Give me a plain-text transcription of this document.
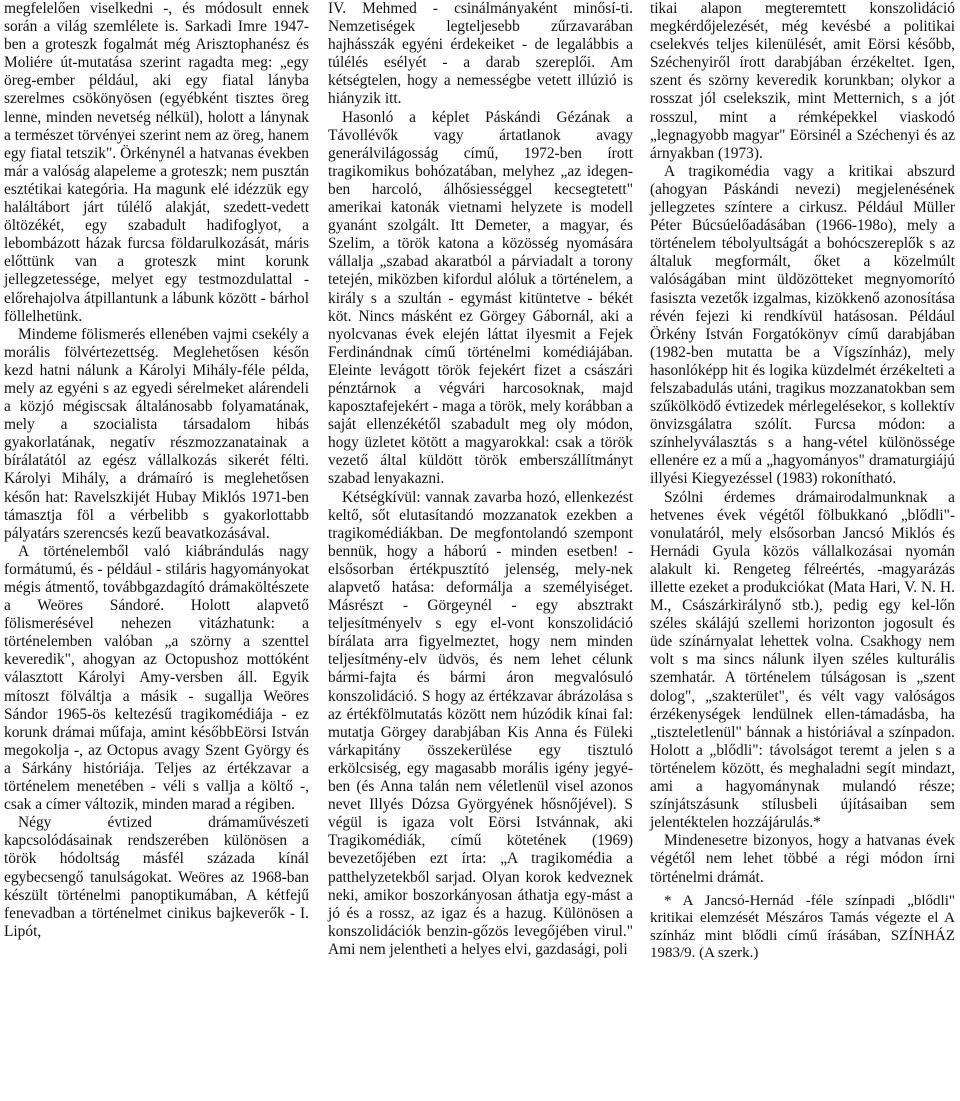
megfelelően viselkedni -, és módosult ennek során a világ szemlélete is. Sarkadi Imre 1947-ben a groteszk fogalmát még Arisztophanész és Moliére út-mutatása szerint ragadta meg: „egy öreg-ember például, aki egy fiatal lányba szerelmes csökönyösen (egyébként tisztes öreg lenne, minden nevetség nélkül), holott a lánynak a természet törvényei szerint nem az öreg, hanem egy fiatal tetszik". Örkénynél a hatvanas években már a valóság alapeleme a groteszk; nem pusztán esztétikai kategória. Ha magunk elé idézzük egy haláltábort járt túlélő alakját, szedett-vedett öltözékét, egy szabadult hadifoglyot, a lebombázott házak furcsa földarulkozását, máris előttünk van a groteszk mint korunk jellegzetessége, melyet egy testmozdulattal - előrehajolva átpillantunk a lábunk között - bárhol föllelhetünk.

Mindeme fölismerés ellenében vajmi csekély a morális fölvértezettség. Meglehetősen későn kezd hatni nálunk a Károlyi Mihály-féle példa, mely az egyéni s az egyedi sérelmeket alárendeli a közjó mégiscsak általánosabb folyamatának, mely a szocialista társadalom hibás gyakorlatának, negatív részmozzanatainak a bírálatától az egész vállalkozás sikerét félti. Károlyi Mihály, a drámaíró is meglehetősen későn hat: Ravelszkijét Hubay Miklós 1971-ben támasztja föl a vérbelibb s gyakorlottabb pályatárs szerencsés kezű beavatkozásával.

A történelemből való kiábrándulás nagy formátumú, és - például - stiláris hagyományokat mégis átmentő, továbbgazdagító drámaköltészete a Weöres Sándoré. Holott alapvető fölismerésével nehezen vitázhatunk: a történelemben valóban „a szörny a szenttel keveredik", ahogyan az Octopushoz mottóként választott Károlyi Amy-versben áll. Egyik mítoszt fölváltja a másik - sugallja Weöres Sándor 1965-ös keltezésű tragikomédiája - ez korunk drámai műfaja, amint későbbEörsi István megokolja -, az Octopus avagy Szent György és a Sárkány históriája. Teljes az értékzavar a történelem menetében - véli s vallja a költő -, csak a címer változik, minden marad a régiben.

Négy évtized drámaművészeti kapcsolódásainak rendszerében különösen a török hódoltság másfél százada kínál egybecsengő tanulságokat. Weöres az 1968-ban készült történelmi panoptikumában, A kétfejű fenevadban a történelmet cinikus bajkeverők - I. Lipót,

IV. Mehmed - csinálmányaként minősí-ti. Nemzetiségek legteljesebb zűrzavarában hajhásszák egyéni érdekeiket - de legalábbis a túlélés esélyét - a darab szereplői. Am kétségtelen, hogy a nemességbe vetett illúzió is hiányzik itt.

Hasonló a képlet Páskándi Gézának a Távollévők vagy ártatlanok avagy generálvilágosság című, 1972-ben írott tragikomikus bohózatában, melyhez „az idegen-ben harcoló, álhősiességgel kecsegtetett" amerikai katonák vietnami helyzete is modell gyanánt szolgált. Itt Demeter, a magyar, és Szelim, a török katona a közösség nyomására vállalja „szabad akaratból a párviadalt a torony tetején, miközben kifordul alóluk a történelem, a király s a szultán - egymást kitüntetve - békét köt. Nincs másként ez Görgey Gábornál, aki a nyolcvanas évek elején láttat ilyesmit a Fejek Ferdinándnak című történelmi komédiájában. Eleinte levágott török fejekért fizet a császári pénztárnok a végvári harcosoknak, majd kaposztafejekért - maga a török, mely korábban a saját ellenzékétől szabadult meg oly módon, hogy üzletet kötött a magyarokkal: csak a török vezető által küldött török emberszállítmányt szabad lenyakazni.

Kétségkívül: vannak zavarba hozó, ellenkezést keltő, sőt elutasítandó mozzanatok ezekben a tragikomédiákban. De megfontolandó szempont bennük, hogy a háború - minden esetben! - elsősorban értékpusztító jelenség, mely-nek alapvető hatása: deformálja a személyiséget. Másrészt - Görgeynél - egy absztrakt teljesítményelv s egy el-vont konszolidáció bírálata arra figyelmeztet, hogy nem minden teljesítmény-elv üdvös, és nem lehet célunk bármi-fajta és bármi áron megvalósuló konszolidáció. S hogy az értékzavar ábrázolása s az értékfölmutatás között nem húzódik kínai fal: mutatja Görgey darabjában Kis Anna és Füleki várkapitány összekerülése egy tisztuló erkölcsiség, egy magasabb morális igény jegyé-ben (és Anna talán nem véletlenül visel azonos nevet Illyés Dózsa Györgyének hősnőjével). S végül is igaza volt Eörsi Istvánnak, aki Tragikomédiák, című kötetének (1969) bevezetőjében ezt írta: „A tragikomédia a patthelyzetekből sarjad. Olyan korok kedveznek neki, amikor boszorkányosan áthatja egy-mást a jó és a rossz, az igaz és a hazug. Különösen a konszolidációk benzin-gőzös levegőjében virul." Ami nem jelentheti a helyes elvi, gazdasági, poli

tikai alapon megteremtett konszolidáció megkérdőjelezését, még kevésbé a politikai cselekvés teljes kilenülését, amit Eörsi később, Széchenyiről írott darabjában érzékeltet. Igen, szent és szörny keveredik korunkban; olykor a rosszat jól cselekszik, mint Metternich, s a jót rosszul, mint a rémképekkel viaskodó „legnagyobb magyar" Eörsinél a Széchenyi és az árnyakban (1973).

A tragikomédia vagy a kritikai abszurd (ahogyan Páskándi nevezi) megjelenésének jellegzetes színtere a cirkusz. Például Müller Péter Búcsúelőadásában (1966-198o), mely a történelem tébolyultságát a bohócszereplők s az általuk megformált, őket a közelmúlt valóságában mint üldözötteket megnyomorító fasiszta vezetők izgalmas, kizökkenő azonosítása révén fejezi ki rendkívül hatásosan. Például Örkény István Forgatókönyv című darabjában (1982-ben mutatta be a Vígszínház), mely hasonlóképp hit és logika küzdelmét érzékelteti a felszabadulás utáni, tragikus mozzanatokban sem szűkölködő évtizedek mérlegelésekor, s kollektív önvizsgálatra szólít. Furcsa módon: a színhelyválasztás s a hang-vétel különössége ellenére ez a mű a „hagyományos" dramaturgiájú illyési Kiegyezéssel (1983) rokonítható.

Szólni érdemes drámairodalmunknak a hetvenes évek végétől fölbukkanó „blődli"-vonulatáról, mely elsősorban Jancsó Miklós és Hernádi Gyula közös vállalkozásai nyomán alakult ki. Rengeteg félreértés, -magyarázás illette ezeket a produkciókat (Mata Hari, V. N. H. M., Császárkirálynő stb.), pedig egy kel-lőn széles skálájú szellemi horizonton jogosult és üde színárnyalat lehettek volna. Csakhogy nem volt s ma sincs nálunk ilyen széles kulturális szemhatár. A történelem túlságosan is „szent dolog", „szakterület", és vélt vagy valóságos érzékenységek lendülnek ellen-támadásba, ha „tiszteletlenül" bánnak a históriával a színpadon. Holott a „blődli": távolságot teremt a jelen s a történelem között, és meghaladni segít mindazt, ami a hagyománynak mulandó része; színjátszásunk stílusbeli újításaiban sem jelentéktelen hozzájárulás.*

Mindenesetre bizonyos, hogy a hatvanas évek végétől nem lehet többé a régi módon írni történelmi drámát.

* A Jancsó-Hernád -féle színpadi „blődli" kritikai elemzését Mészáros Tamás végezte el A színház mint blődli című írásában, SZÍNHÁZ 1983/9. (A szerk.)
